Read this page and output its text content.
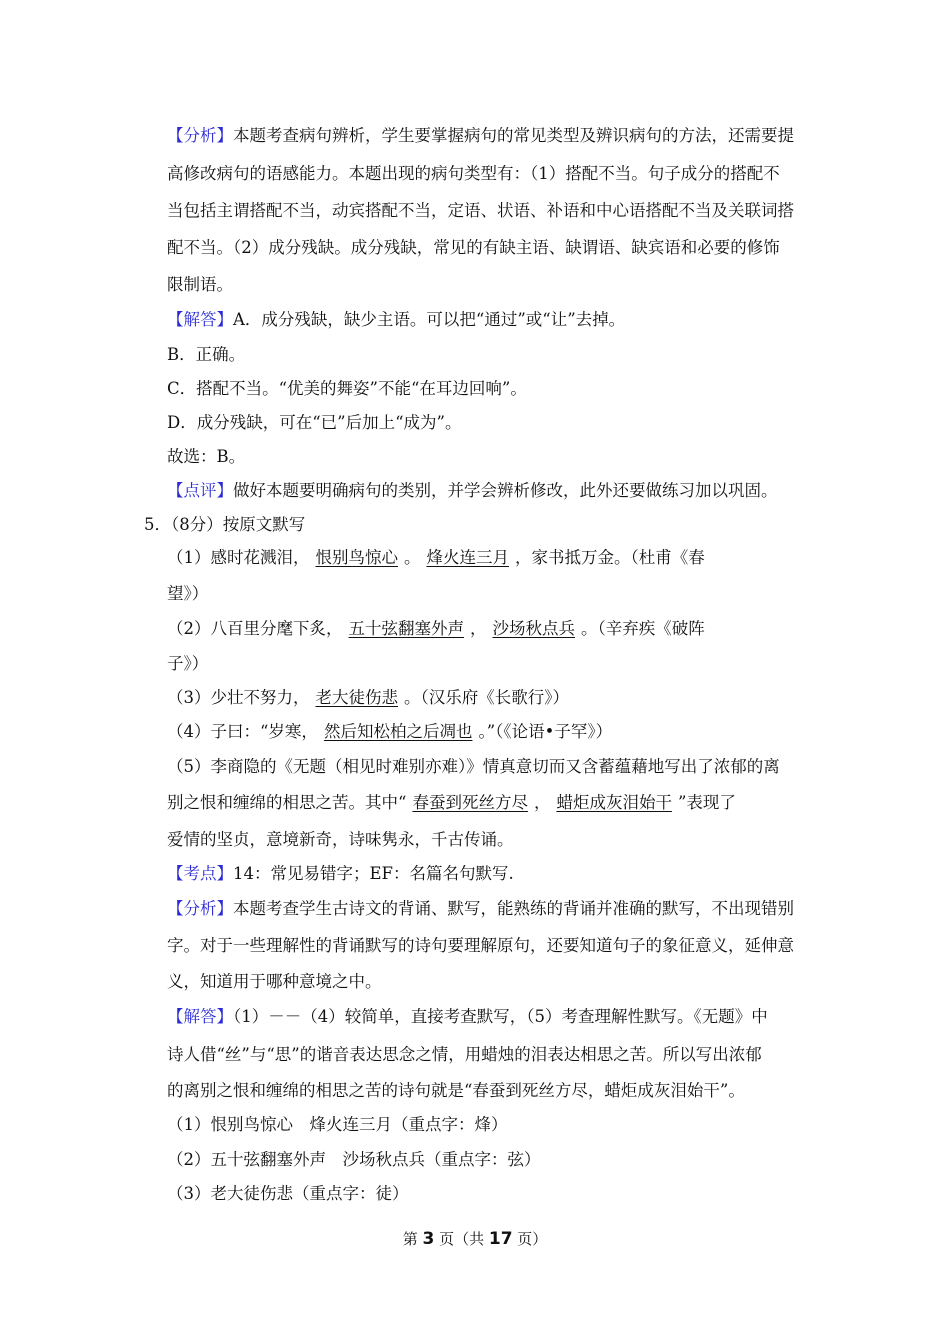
【分析】本题考查病句辨析，学生要掌握病句的常见类型及辨识病句的方法，还需要提
高修改病句的语感能力。本题出现的病句类型有：（1）搭配不当。句子成分的搭配不
当包括主谓搭配不当，动宾搭配不当，定语、状语、补语和中心语搭配不当及关联词搭
配不当。（2）成分残缺。成分残缺，常见的有缺主语、缺谓语、缺宾语和必要的修饰
限制语。
【解答】A．成分残缺，缺少主语。可以把“通过”或“让”去掉。
B．正确。
C．搭配不当。“优美的舞姿”不能“在耳边回响”。
D．成分残缺，可在“已”后加上“成为”。
故选：B。
【点评】做好本题要明确病句的类别，并学会辨析修改，此外还要做练习加以巩固。
5．（8分）按原文默写
（1）感时花溅泪， 恨别鸟惊心 。 烽火连三月 ，家书抵万金。（杜甫《春
望》）
（2）八百里分麾下炙， 五十弦翻塞外声 ， 沙场秋点兵 。（辛弃疾《破阵
子》）
（3）少壮不努力， 老大徒伤悲 。（汉乐府《长歌行》）
（4）子曰：“岁寒， 然后知松柏之后凋也 。”（《论语•子罕》）
（5）李商隐的《无题（相见时难别亦难）》情真意切而又含蓄蕴藉地写出了浓郁的离
别之恨和缠绵的相思之苦。其中“ 春蚕到死丝方尽 ， 蜡炬成灰泪始干 ”表现了
爱情的坚贞，意境新奇，诗味隽永，千古传诵。
【考点】14：常见易错字；EF：名篇名句默写.
【分析】本题考查学生古诗文的背诵、默写，能熟练的背诵并准确的默写，不出现错别
字。对于一些理解性的背诵默写的诗句要理解原句，还要知道句子的象征意义，延伸意
义，知道用于哪种意境之中。
【解答】（1）－－（4）较简单，直接考查默写，（5）考查理解性默写。《无题》中
诗人借“丝”与“思”的谐音表达思念之情，用蜡烛的泪表达相思之苦。所以写出浓郁
的离别之恨和缠绵的相思之苦的诗句就是“春蚕到死丝方尽，蜡炬成灰泪始干”。
（1）恨别鸟惊心　烽火连三月（重点字：烽）
（2）五十弦翻塞外声　沙场秋点兵（重点字：弦）
（3）老大徒伤悲（重点字：徒）
第 3 页（共 17 页）
